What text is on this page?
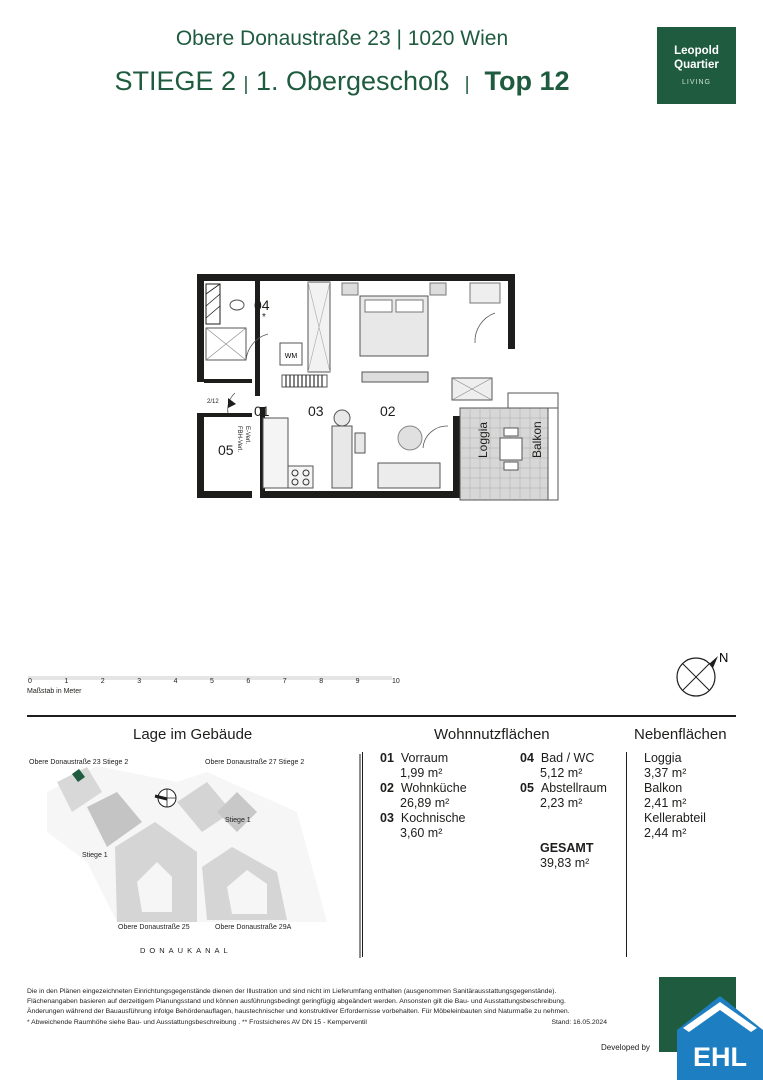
Obere Donaustraße 23 | 1020 Wien
STIEGE 2 | 1. Obergeschoß | Top 12
Leopold
Quartier
LIVING
WM
04
*
01	03	02
05
2/12
E-Verl.
FBH-Verl.	Loggia	Balkon
0	1	2	3	4	5	6	7	8	9	10
Maßstab in Meter
N
Lage im Gebäude	Wohnnutzflächen	Nebenflächen
Obere Donaustraße 23 Stiege 2	Obere Donaustraße 27 Stiege 2
Stiege 1
Stiege 1
Obere Donaustraße 25	Obere Donaustraße 29A
DONAUKANAL
01 Vorraum
1,99 m²
02 Wohnküche
26,89 m²
03 Kochnische
3,60 m²
04 Bad / WC
5,12 m²
05 Abstellraum
2,23 m²
GESAMT
39,83 m²
Loggia
3,37 m²
Balkon
2,41 m²
Kellerabteil
2,44 m²
Die in den Plänen eingezeichneten Einrichtungsgegenstände dienen der Illustration und sind nicht im Lieferumfang enthalten (ausgenommen Sanitärausstattungsgegenstände).
Flächenangaben basieren auf derzeitigem Planungsstand und können ausführungsbedingt geringfügig abgeändert werden. Ansonsten gilt die Bau- und Ausstattungsbeschreibung.
Änderungen während der Bauausführung infolge Behördenauflagen, haustechnischer und konstruktiver Erfordernisse vorbehalten. Für Möbeleinbauten sind Naturmaße zu nehmen.
* Abweichende Raumhöhe siehe Bau- und Ausstattungsbeschreibung . ** Frostsicheres AV DN 15 - Kemperventil	Stand: 16.05.2024
Developed by EHL
